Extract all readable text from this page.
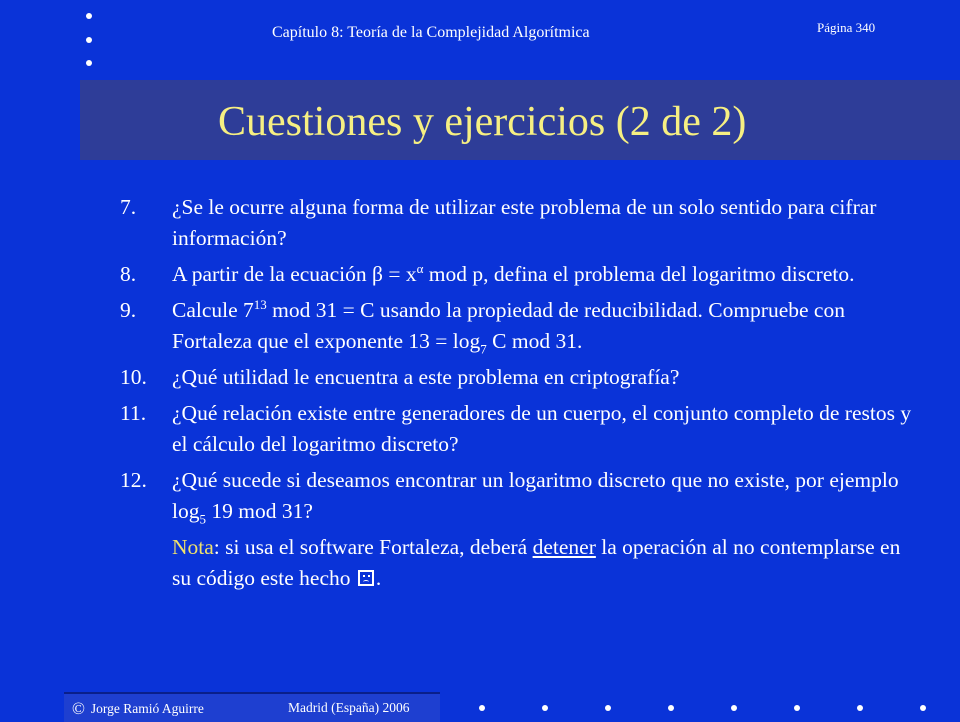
Capítulo 8: Teoría de la Complejidad Algorítmica	Página 340
Cuestiones y ejercicios (2 de 2)
7.	¿Se le ocurre alguna forma de utilizar este problema de un solo sentido para cifrar información?
8.	A partir de la ecuación $\beta = x^\alpha$ mod p, defina el problema del logaritmo discreto.
9.	Calcule $7^{13}$ mod 31 = C usando la propiedad de reducibilidad. Compruebe con Fortaleza que el exponente $13 = \log_7 C$ mod 31.
10.	¿Qué utilidad le encuentra a este problema en criptografía?
11.	¿Qué relación existe entre generadores de un cuerpo, el conjunto completo de restos y el cálculo del logaritmo discreto?
12.	¿Qué sucede si deseamos encontrar un logaritmo discreto que no existe, por ejemplo $\log_5 19$ mod 31?
Nota: si usa el software Fortaleza, deberá detener la operación al no contemplarse en su código este hecho .
© Jorge Ramió Aguirre	Madrid (España) 2006
